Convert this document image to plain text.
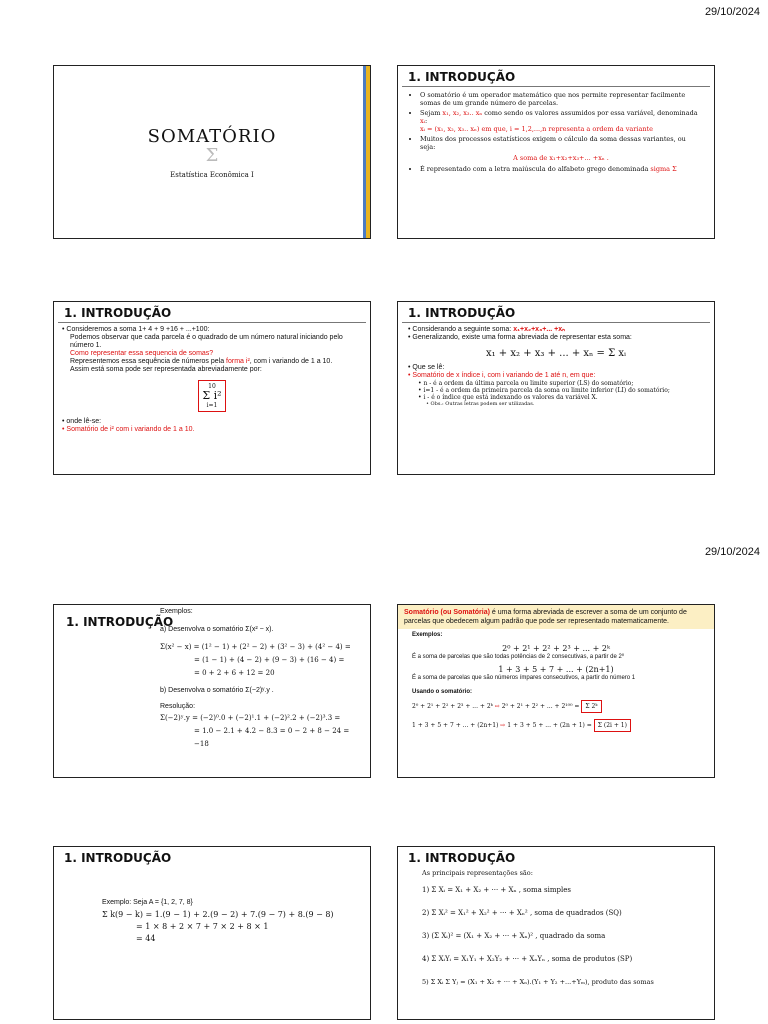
29/10/2024
29/10/2024
SOMATÓRIO
Σ
Estatística Econômica I
1. INTRODUÇÃO
• O somatório é um operador matemático que nos permite representar facilmente somas de um grande número de parcelas.
• Sejam x₁, x₂, x₃.. xₙ como sendo os valores assumidos por essa variável, denominada xᵢ:
xᵢ = (x₁, x₂, x₃.. xₙ) em que, i = 1,2,...,n representa a ordem da variante
• Muitos dos processos estatísticos exigem o cálculo da soma dessas variantes, ou seja:
A soma de x₁+x₂+x₃+... +xₙ .
• É representado com a letra maiúscula do alfabeto grego denominada sigma Σ
1. INTRODUÇÃO
• Consideremos a soma 1+ 4 + 9 +16 + ...+100:
Podemos observar que cada parcela é o quadrado de um número natural iniciando pelo número 1.
Como representar essa sequencia de somas?
Representemos essa sequência de números pela forma i², com i variando de 1 a 10.
Assim está soma pode ser representada abreviadamente por:
10
Σ i²
i=1
• onde lê-se:
• Somatório de i² com i variando de 1 a 10.
1. INTRODUÇÃO
• Considerando a seguinte soma: x₁+x₂+x₃+... +xₙ
• Generalizando, existe uma forma abreviada de representar esta soma:
x₁ + x₂ + x₃ + ... + xₙ = Σ xᵢ
• Que se lê:
• Somatório de x índice i, com i variando de 1 até n, em que:
• n - é a ordem da última parcela ou limite superior (LS) do somatório;
• i=1 - é a ordem da primeira parcela da soma ou limite inferior (LI) do somatório;
• i - é o índice que está indexando os valores da variável X.
• Obs.: Outras letras podem ser utilizadas.
1. INTRODUÇÃO
Exemplos:
a) Desenvolva o somatório Σ(x² − x).
Σ(x² − x) = (1² − 1) + (2² − 2) + (3² − 3) + (4² − 4) =
= (1 − 1) + (4 − 2) + (9 − 3) + (16 − 4) =
= 0 + 2 + 6 + 12 = 20
b) Desenvolva o somatório Σ(−2)ʸ.y .
Resolução:
Σ(−2)ʸ.y = (−2)⁰.0 + (−2)¹.1 + (−2)².2 + (−2)³.3 =
= 1.0 − 2.1 + 4.2 − 8.3 = 0 − 2 + 8 − 24 = −18
Somatório (ou Somatória) é uma forma abreviada de escrever a soma de um conjunto de parcelas que obedecem algum padrão que pode ser representado matematicamente.
Exemplos:
2⁰ + 2¹ + 2² + 2³ + ... + 2ᵏ
É a soma de parcelas que são todas potências de 2 consecutivas, a partir de 2⁰
1 + 3 + 5 + 7 + ... + (2n+1)
É a soma de parcelas que são números ímpares consecutivos, a partir do número 1
Usando o somatório:
2⁰ + 2¹ + 2² + 2³ + ... + 2ᵏ ⇨ 2⁰ + 2¹ + 2² + ... + 2¹⁰⁰ = Σ 2ᵏ
1 + 3 + 5 + 7 + ... + (2n+1) ⇨ 1 + 3 + 5 + ... + (2n + 1) = Σ (2i + 1)
1. INTRODUÇÃO
Exemplo: Seja A = {1, 2, 7, 8}
Σ k(9 − k) = 1.(9 − 1) + 2.(9 − 2) + 7.(9 − 7) + 8.(9 − 8)
= 1 × 8 + 2 × 7 + 7 × 2 + 8 × 1
= 44
1. INTRODUÇÃO
As principais representações são:
1) Σ Xᵢ = X₁ + X₂ + ··· + Xₙ , soma simples
2) Σ Xᵢ² = X₁² + X₂² + ··· + Xₙ² , soma de quadrados (SQ)
3) (Σ Xᵢ)² = (X₁ + X₂ + ··· + Xₙ)² , quadrado da soma
4) Σ XᵢYᵢ = X₁Y₁ + X₂Y₂ + ··· + XₙYₙ , soma de produtos (SP)
5) Σ Xᵢ Σ Yⱼ = (X₁ + X₂ + ··· + Xₙ).(Y₁ + Y₂ +...+Yₘ), produto das somas
